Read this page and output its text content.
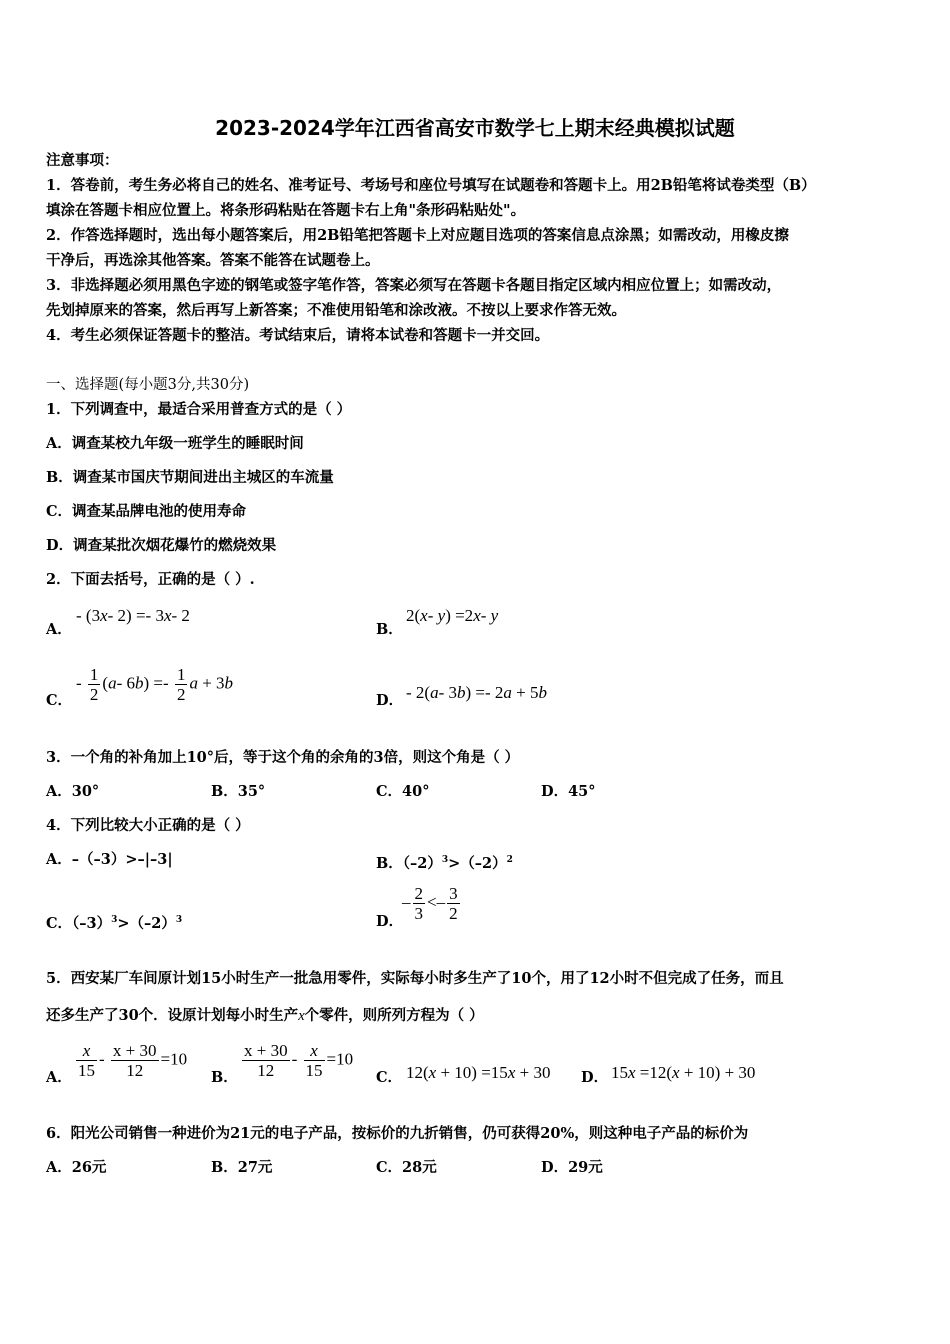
2023-2024学年江西省高安市数学七上期末经典模拟试题
注意事项：
1．答卷前，考生务必将自己的姓名、准考证号、考场号和座位号填写在试题卷和答题卡上。用2B铅笔将试卷类型（B）
填涂在答题卡相应位置上。将条形码粘贴在答题卡右上角"条形码粘贴处"。
2．作答选择题时，选出每小题答案后，用2B铅笔把答题卡上对应题目选项的答案信息点涂黑；如需改动，用橡皮擦
干净后，再选涂其他答案。答案不能答在试题卷上。
3．非选择题必须用黑色字迹的钢笔或签字笔作答，答案必须写在答题卡各题目指定区域内相应位置上；如需改动，
先划掉原来的答案，然后再写上新答案；不准使用铅笔和涂改液。不按以上要求作答无效。
4．考生必须保证答题卡的整洁。考试结束后，请将本试卷和答题卡一并交回。
一、选择题(每小题3分,共30分)
1．下列调查中，最适合采用普查方式的是（ ）
A．调查某校九年级一班学生的睡眠时间
B．调查某市国庆节期间进出主城区的车流量
C．调查某品牌电池的使用寿命
D．调查某批次烟花爆竹的燃烧效果
2．下面去括号，正确的是（ ）.
A．
- (3x- 2) =- 3x- 2
B．
2(x- y) =2x- y
C．
- $\frac{1}{2} (a-$ $6b) =- \frac{1}{2}$ a + 3b
D． - 2(a- 3b) =- 2a + 5b
3．一个角的补角加上10°后，等于这个角的余角的3倍，则这个角是（ ）
A．30°	B．35°	C．40°	D．45°
4．下列比较大小正确的是（ ）
A．–（–3）>–|–3|	B．$(-2)^3>(-2)^2$
C．$(-3)^3>(-2)^3$	D．
– $\frac{2}{3} <- \frac{3}{2}$
5．西安某厂车间原计划15小时生产一批急用零件，实际每小时多生产了10个，用了12小时不但完成了任务，而且
还多生产了30个．设原计划每小时生产x个零件，则所列方程为（ ）
A． $\frac{x}{15} - \frac{x + 30}{12} =10$
B． $\frac{x + 30}{12} - \frac{x}{15} =10$
C． 12(x + 10) =15x + 30 D． 15x =12(x + 10) + 30
6．阳光公司销售一种进价为21元的电子产品，按标价的九折销售，仍可获得20%，则这种电子产品的标价为
A．26元	B．27元	C．28元	D．29元
